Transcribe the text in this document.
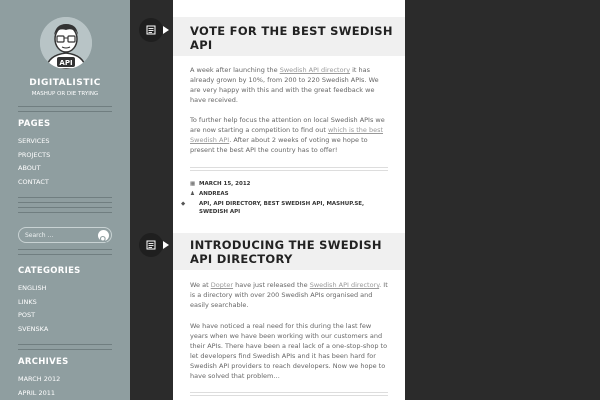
API
DIGITALISTIC
MASHUP OR DIE TRYING
PAGES
SERVICES
PROJECTS
ABOUT
CONTACT
Search ...
CATEGORIES
ENGLISH
LINKS
POST
SVENSKA
ARCHIVES
MARCH 2012
APRIL 2011
VOTE FOR THE BEST SWEDISH API

A week after launching the Swedish API directory it has already grown by 10%, from 200 to 220 Swedish APIs. We are very happy with this and with the great feedback we have received.

To further help focus the attention on local Swedish APIs we are now starting a competition to find out which is the best Swedish API. After about 2 weeks of voting we hope to present the best API the country has to offer!

▦ MARCH 15, 2012
♟ ANDREAS
◆	API, API DIRECTORY, BEST SWEDISH API, MASHUP.SE, SWEDISH API
INTRODUCING THE SWEDISH API DIRECTORY

We at Dopter have just released the Swedish API directory. It is a directory with over 200 Swedish APIs organised and easily searchable.

We have noticed a real need for this during the last few years when we have been working with our customers and their APIs. There have been a real lack of a one-stop-shop to let developers find Swedish APIs and it has been hard for Swedish API providers to reach developers. Now we hope to have solved that problem…
